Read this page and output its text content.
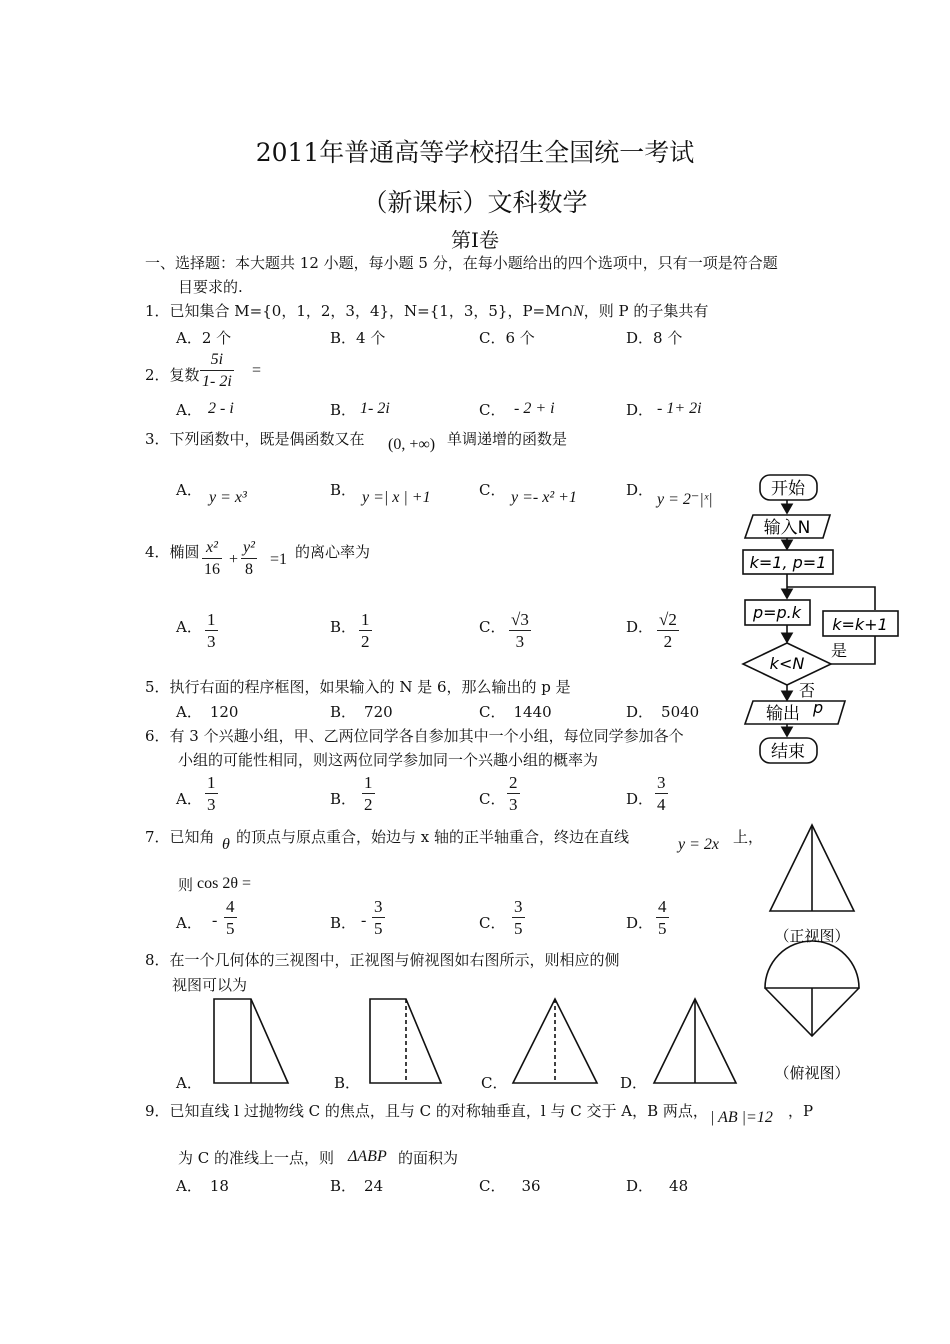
2011年普通高等学校招生全国统一考试
（新课标）文科数学
第Ⅰ卷
一、选择题：本大题共 12 小题，每小题 5 分，在每小题给出的四个选项中，只有一项是符合题
目要求的.
1．已知集合 M={0，1，2，3，4}，N={1，3，5}，P=M∩N，则 P 的子集共有
A．2 个	B．4 个	C．6 个	D．8 个
2．复数 $\frac{5i}{1- 2i}$ =
A． 2 - i	B． 1- 2i	C． - 2 + i	D． - 1+ 2i
3．下列函数中，既是偶函数又在 (0, +∞) 单调递增的函数是
A． y = x³	B． y =| x | +1	C． y =- x² +1	D．
y = 2⁻|ˣ|
4．椭圆 $\frac{\text{x²}}{16} + \frac{\text{y²}}{8} =1$ 的离心率为
A． $\frac{1}{3}$	B． $\frac{1}{2}$	C． $\frac{√3}{3}$	D． $\frac{√2}{2}$
5．执行右面的程序框图，如果输入的 N 是 6，那么输出的 p 是
A． 120	B． 720	C． 1440	D． 5040
6．有 3 个兴趣小组，甲、乙两位同学各自参加其中一个小组，每位同学参加各个
小组的可能性相同，则这两位同学参加同一个兴趣小组的概率为
A． $\frac{1}{3}$	B． $\frac{1}{2}$	C． $\frac{2}{3}$	D． $\frac{3}{4}$
7．已知角 θ 的顶点与原点重合，始边与 x 轴的正半轴重合，终边在直线	y = 2x 上，
则 cos 2θ =
A． - $\frac{4}{5}$	B． - $\frac{3}{5}$	C． $\frac{3}{5}$	D． $\frac{4}{5}$
8．在一个几何体的三视图中，正视图与俯视图如右图所示，则相应的侧
视图可以为
A．	B．	C．	D．
9．已知直线 l 过抛物线 C 的焦点，且与 C 的对称轴垂直，l 与 C 交于 A，B 两点， | AB |=12 ，P
为 C 的准线上一点，则 ΔABP 的面积为
A． 18	B． 24	C． 36	D． 48
开始
输入N
k=1, p=1
p=p.k
k=k+1
k<N
是
否
输出 p
结束
（正视图）
（俯视图）
